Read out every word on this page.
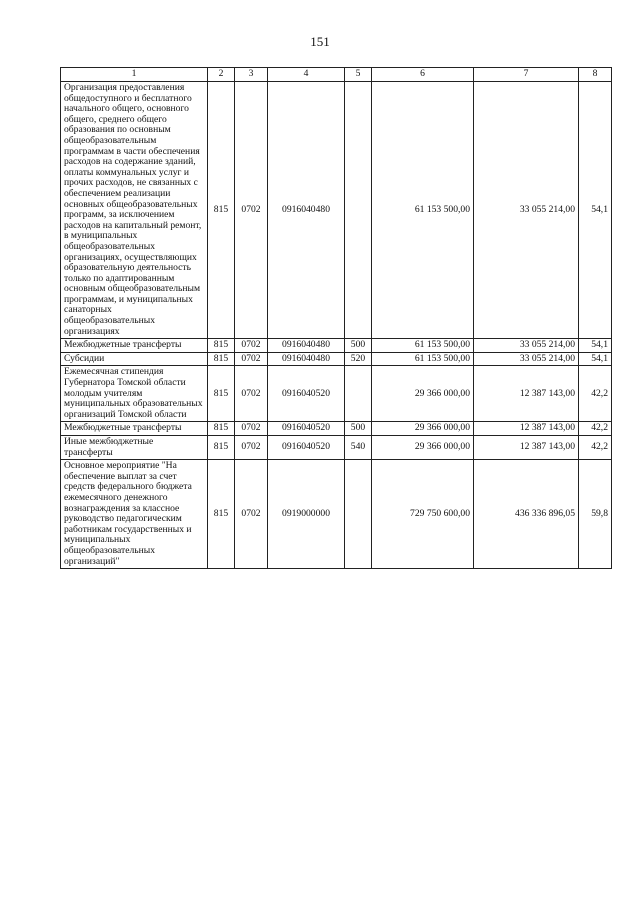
151
1	2	3	4	5	6	7	8
Организация предоставления общедоступного и бесплатного начального общего, основного общего, среднего общего образования по основным общеобразовательным программам в части обеспечения расходов на содержание зданий, оплаты коммунальных услуг и прочих расходов, не связанных с обеспечением реализации основных общеобразовательных программ, за исключением расходов на капитальный ремонт, в муниципальных общеобразовательных организациях, осуществляющих образовательную деятельность только по адаптированным основным общеобразовательным программам, и муниципальных санаторных общеобразовательных организациях	815	0702	0916040480		61 153 500,00	33 055 214,00	54,1
Межбюджетные трансферты	815	0702	0916040480	500	61 153 500,00	33 055 214,00	54,1
Субсидии	815	0702	0916040480	520	61 153 500,00	33 055 214,00	54,1
Ежемесячная стипендия Губернатора Томской области молодым учителям муниципальных образовательных организаций Томской области	815	0702	0916040520		29 366 000,00	12 387 143,00	42,2
Межбюджетные трансферты	815	0702	0916040520	500	29 366 000,00	12 387 143,00	42,2
Иные межбюджетные трансферты	815	0702	0916040520	540	29 366 000,00	12 387 143,00	42,2
Основное мероприятие "На обеспечение выплат за счет средств федерального бюджета ежемесячного денежного вознаграждения за классное руководство педагогическим работникам государственных и муниципальных общеобразовательных организаций"	815	0702	0919000000		729 750 600,00	436 336 896,05	59,8
